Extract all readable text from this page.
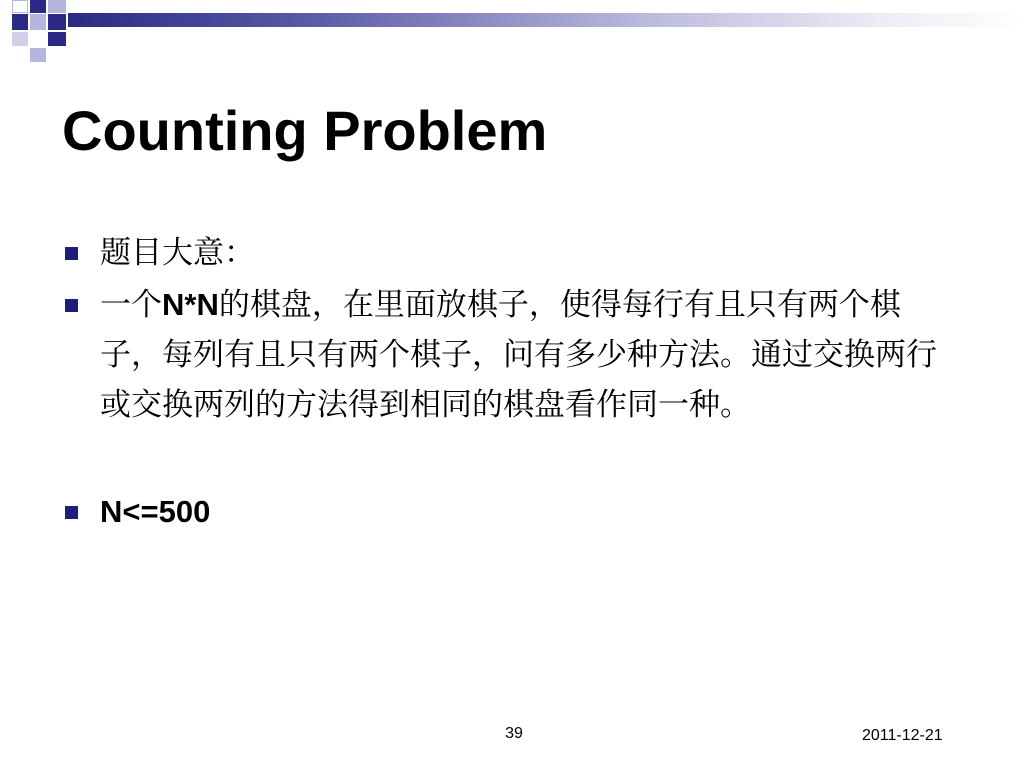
Counting Problem
题目大意：
一个N*N的棋盘，在里面放棋子，使得每行有且只有两个棋子，每列有且只有两个棋子，问有多少种方法。通过交换两行或交换两列的方法得到相同的棋盘看作同一种。
N<=500
39	2011-12-21
